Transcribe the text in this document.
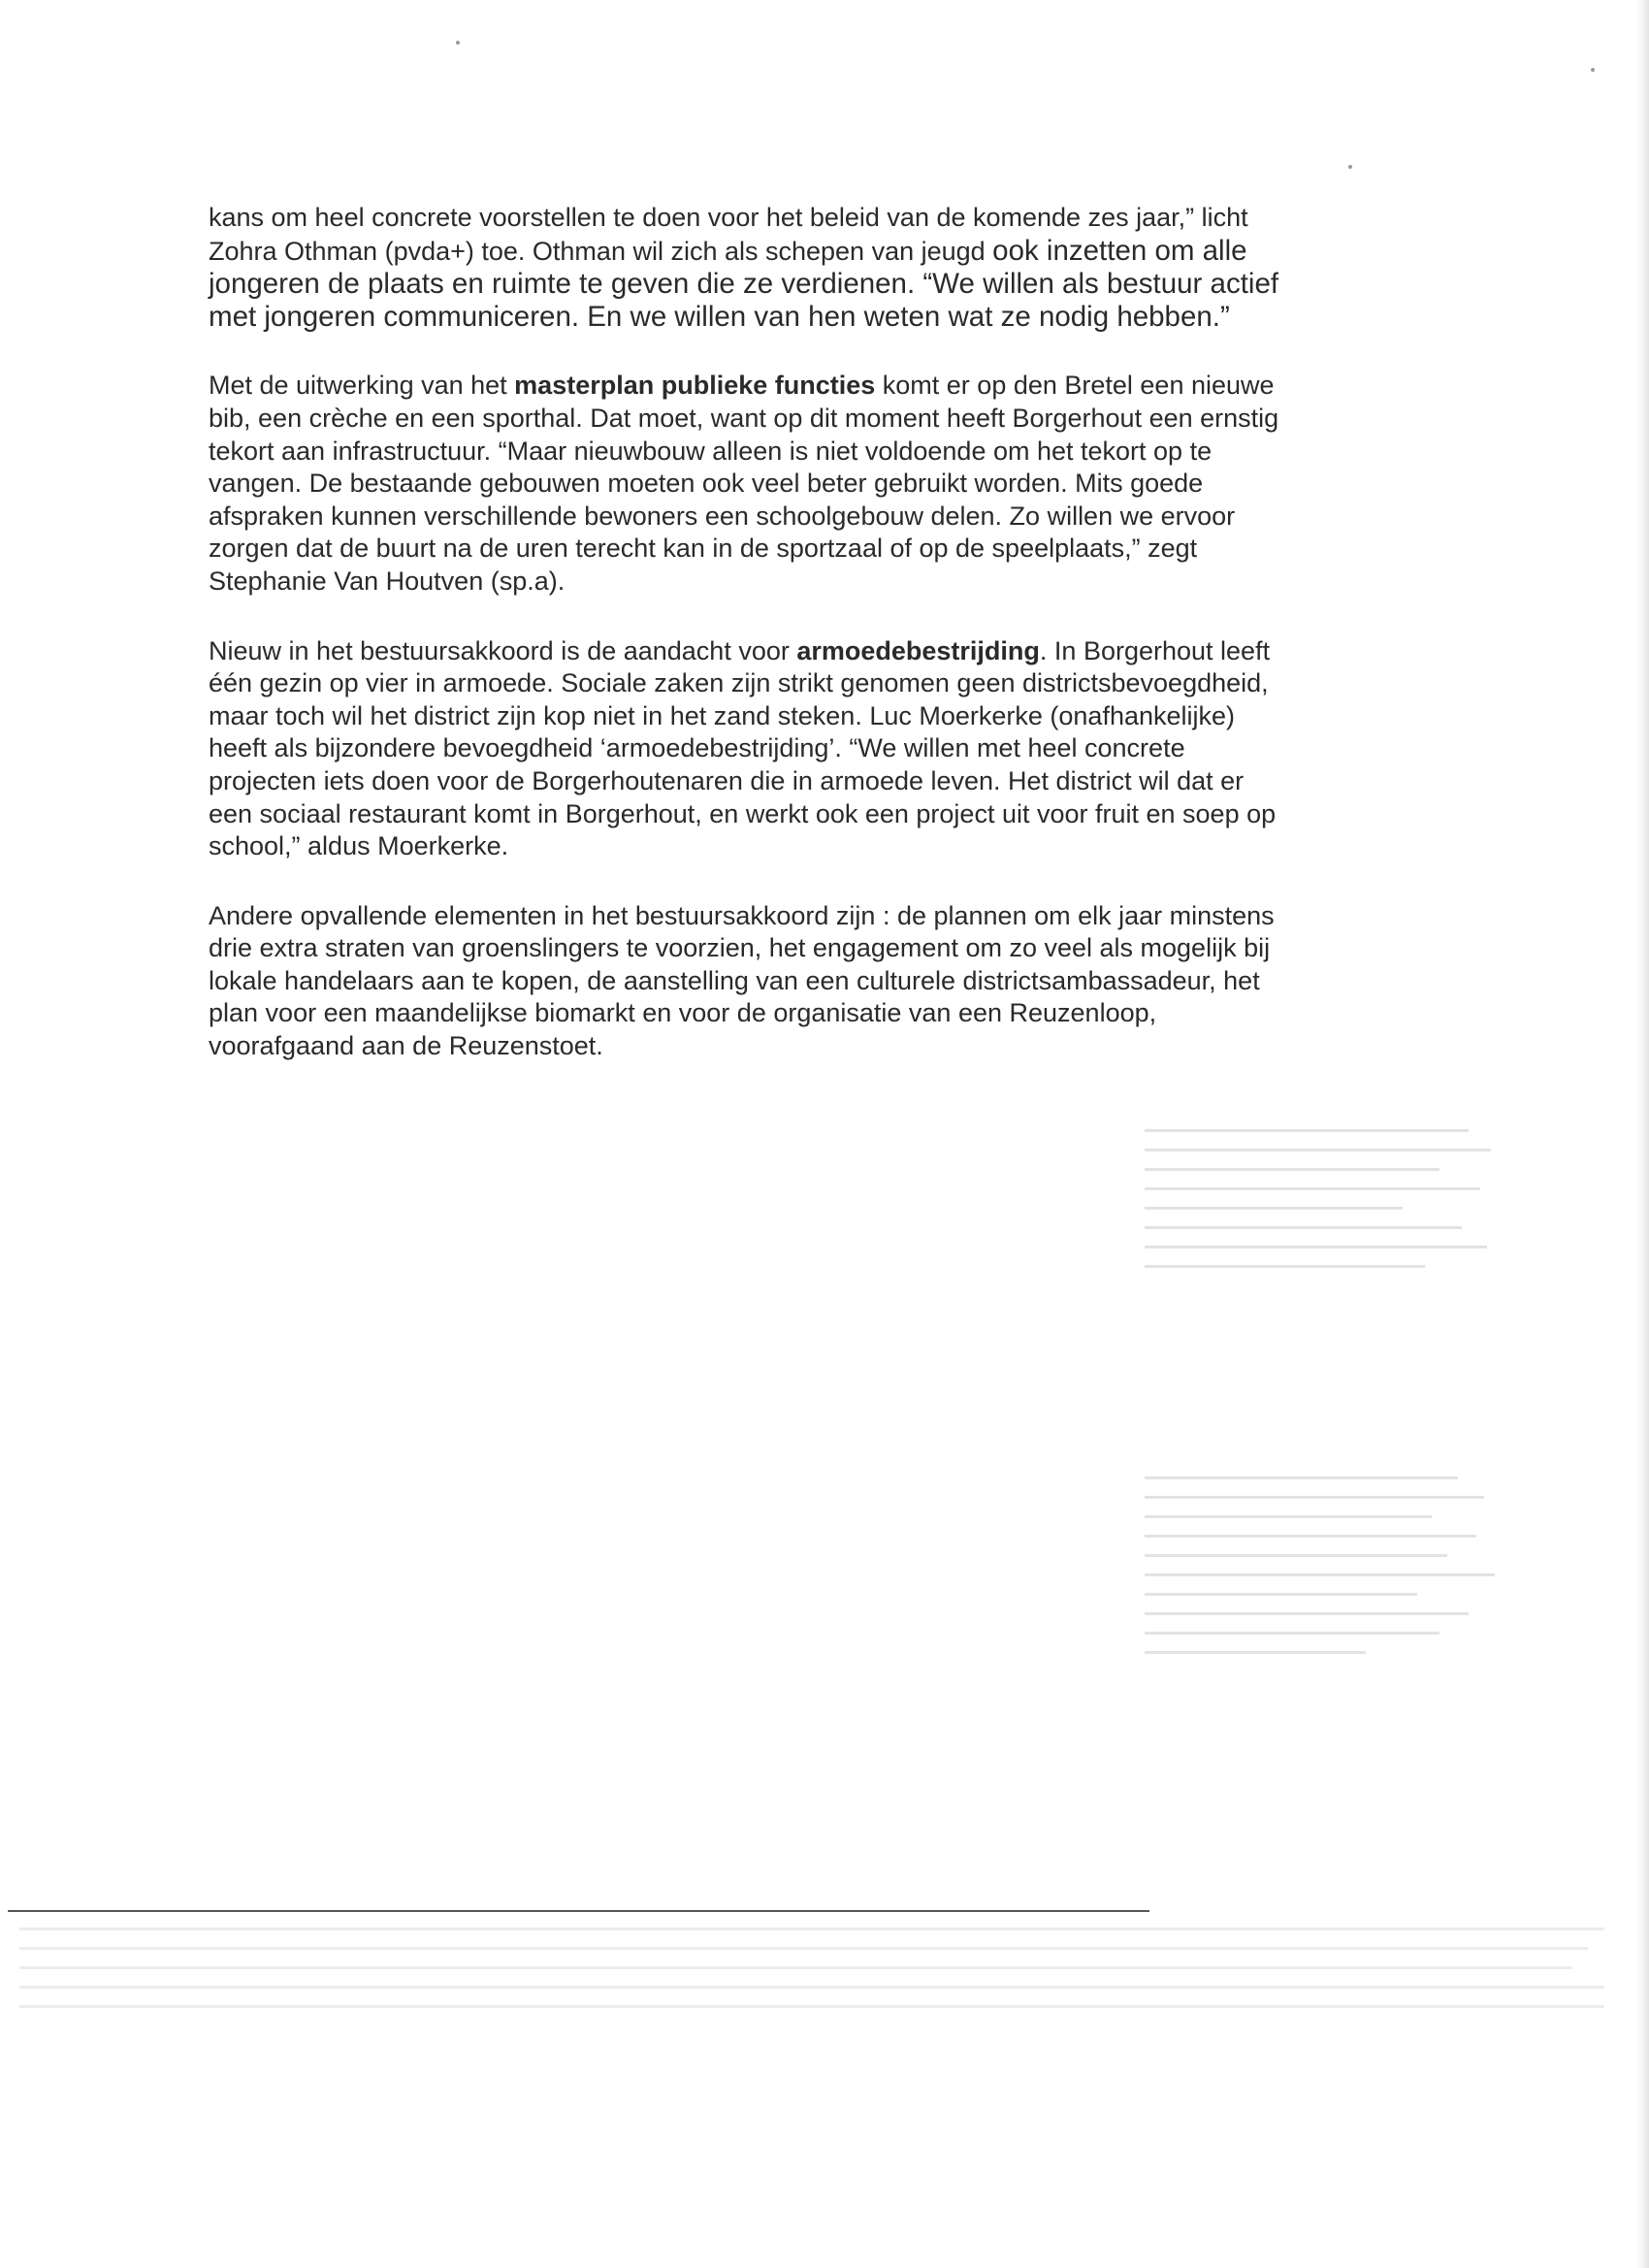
kans om heel concrete voorstellen te doen voor het beleid van de komende zes jaar,” licht
Zohra Othman (pvda+) toe. Othman wil zich als schepen van jeugd ook inzetten om alle
jongeren de plaats en ruimte te geven die ze verdienen. “We willen als bestuur actief
met jongeren communiceren. En we willen van hen weten wat ze nodig hebben.”

Met de uitwerking van het masterplan publieke functies komt er op den Bretel een nieuwe
bib, een crèche en een sporthal. Dat moet, want op dit moment heeft Borgerhout een ernstig
tekort aan infrastructuur. “Maar nieuwbouw alleen is niet voldoende om het tekort op te
vangen. De bestaande gebouwen moeten ook veel beter gebruikt worden. Mits goede
afspraken kunnen verschillende bewoners een schoolgebouw delen. Zo willen we ervoor
zorgen dat de buurt na de uren terecht kan in de sportzaal of op de speelplaats,” zegt
Stephanie Van Houtven (sp.a).

Nieuw in het bestuursakkoord is de aandacht voor armoedebestrijding. In Borgerhout leeft
één gezin op vier in armoede. Sociale zaken zijn strikt genomen geen districtsbevoegdheid,
maar toch wil het district zijn kop niet in het zand steken. Luc Moerkerke (onafhankelijke)
heeft als bijzondere bevoegdheid ‘armoedebestrijding’. “We willen met heel concrete
projecten iets doen voor de Borgerhoutenaren die in armoede leven. Het district wil dat er
een sociaal restaurant komt in Borgerhout, en werkt ook een project uit voor fruit en soep op
school,” aldus Moerkerke.

Andere opvallende elementen in het bestuursakkoord zijn : de plannen om elk jaar minstens
drie extra straten van groenslingers te voorzien, het engagement om zo veel als mogelijk bij
lokale handelaars aan te kopen, de aanstelling van een culturele districtsambassadeur, het
plan voor een maandelijkse biomarkt en voor de organisatie van een Reuzenloop,
voorafgaand aan de Reuzenstoet.
